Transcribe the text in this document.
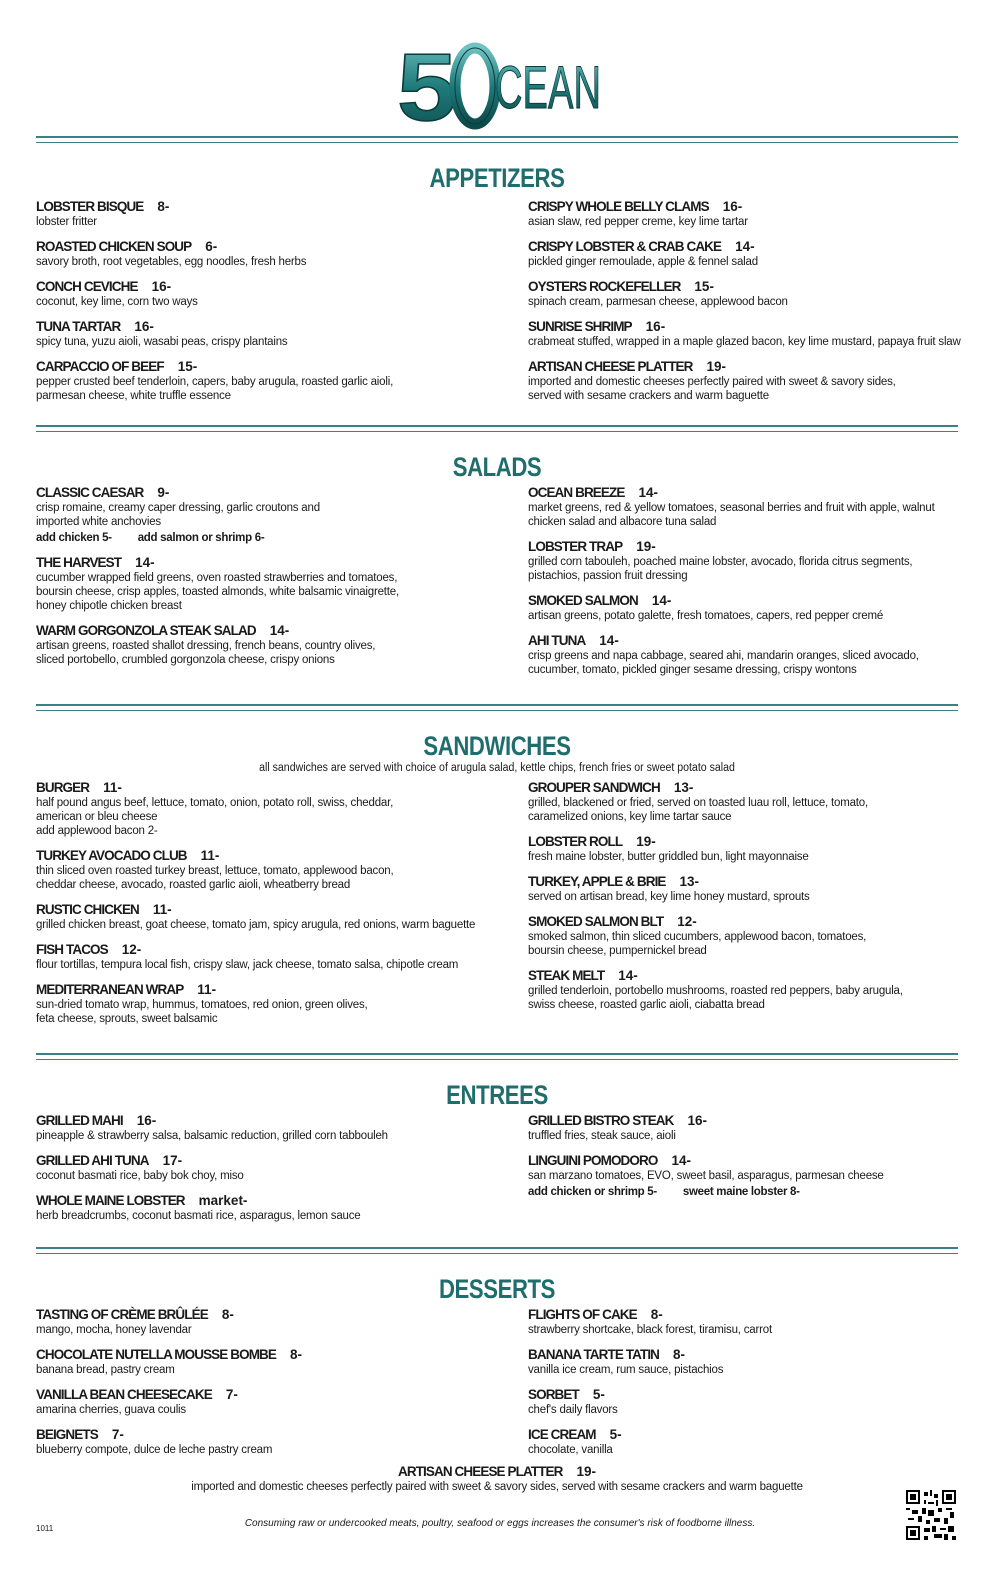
5 CEAN
APPETIZERS
LOBSTER BISQUE 8-
lobster fritter
ROASTED CHICKEN SOUP 6-
savory broth, root vegetables, egg noodles, fresh herbs
CONCH CEVICHE 16-
coconut, key lime, corn two ways
TUNA TARTAR 16-
spicy tuna, yuzu aioli, wasabi peas, crispy plantains
CARPACCIO OF BEEF 15-
pepper crusted beef tenderloin, capers, baby arugula, roasted garlic aioli,
parmesan cheese, white truffle essence
CRISPY WHOLE BELLY CLAMS 16-
asian slaw, red pepper creme, key lime tartar
CRISPY LOBSTER & CRAB CAKE 14-
pickled ginger remoulade, apple & fennel salad
OYSTERS ROCKEFELLER 15-
spinach cream, parmesan cheese, applewood bacon
SUNRISE SHRIMP 16-
crabmeat stuffed, wrapped in a maple glazed bacon, key lime mustard, papaya fruit slaw
ARTISAN CHEESE PLATTER 19-
imported and domestic cheeses perfectly paired with sweet & savory sides,
served with sesame crackers and warm baguette
SALADS
CLASSIC CAESAR 9-
crisp romaine, creamy caper dressing, garlic croutons and
imported white anchovies
add chicken 5- add salmon or shrimp 6-
THE HARVEST 14-
cucumber wrapped field greens, oven roasted strawberries and tomatoes,
boursin cheese, crisp apples, toasted almonds, white balsamic vinaigrette,
honey chipotle chicken breast
WARM GORGONZOLA STEAK SALAD 14-
artisan greens, roasted shallot dressing, french beans, country olives,
sliced portobello, crumbled gorgonzola cheese, crispy onions
OCEAN BREEZE 14-
market greens, red & yellow tomatoes, seasonal berries and fruit with apple, walnut
chicken salad and albacore tuna salad
LOBSTER TRAP 19-
grilled corn tabouleh, poached maine lobster, avocado, florida citrus segments,
pistachios, passion fruit dressing
SMOKED SALMON 14-
artisan greens, potato galette, fresh tomatoes, capers, red pepper cremé
AHI TUNA 14-
crisp greens and napa cabbage, seared ahi, mandarin oranges, sliced avocado,
cucumber, tomato, pickled ginger sesame dressing, crispy wontons
SANDWICHES
all sandwiches are served with choice of arugula salad, kettle chips, french fries or sweet potato salad
BURGER 11-
half pound angus beef, lettuce, tomato, onion, potato roll, swiss, cheddar,
american or bleu cheese
add applewood bacon 2-
TURKEY AVOCADO CLUB 11-
thin sliced oven roasted turkey breast, lettuce, tomato, applewood bacon,
cheddar cheese, avocado, roasted garlic aioli, wheatberry bread
RUSTIC CHICKEN 11-
grilled chicken breast, goat cheese, tomato jam, spicy arugula, red onions, warm baguette
FISH TACOS 12-
flour tortillas, tempura local fish, crispy slaw, jack cheese, tomato salsa, chipotle cream
MEDITERRANEAN WRAP 11-
sun-dried tomato wrap, hummus, tomatoes, red onion, green olives,
feta cheese, sprouts, sweet balsamic
GROUPER SANDWICH 13-
grilled, blackened or fried, served on toasted luau roll, lettuce, tomato,
caramelized onions, key lime tartar sauce
LOBSTER ROLL 19-
fresh maine lobster, butter griddled bun, light mayonnaise
TURKEY, APPLE & BRIE 13-
served on artisan bread, key lime honey mustard, sprouts
SMOKED SALMON BLT 12-
smoked salmon, thin sliced cucumbers, applewood bacon, tomatoes,
boursin cheese, pumpernickel bread
STEAK MELT 14-
grilled tenderloin, portobello mushrooms, roasted red peppers, baby arugula,
swiss cheese, roasted garlic aioli, ciabatta bread
ENTREES
GRILLED MAHI 16-
pineapple & strawberry salsa, balsamic reduction, grilled corn tabbouleh
GRILLED AHI TUNA 17-
coconut basmati rice, baby bok choy, miso
WHOLE MAINE LOBSTER market-
herb breadcrumbs, coconut basmati rice, asparagus, lemon sauce
GRILLED BISTRO STEAK 16-
truffled fries, steak sauce, aioli
LINGUINI POMODORO 14-
san marzano tomatoes, EVO, sweet basil, asparagus, parmesan cheese
add chicken or shrimp 5- sweet maine lobster 8-
DESSERTS
TASTING OF CRÈME BRÛLÉE 8-
mango, mocha, honey lavendar
CHOCOLATE NUTELLA MOUSSE BOMBE 8-
banana bread, pastry cream
VANILLA BEAN CHEESECAKE 7-
amarina cherries, guava coulis
BEIGNETS 7-
blueberry compote, dulce de leche pastry cream
FLIGHTS OF CAKE 8-
strawberry shortcake, black forest, tiramisu, carrot
BANANA TARTE TATIN 8-
vanilla ice cream, rum sauce, pistachios
SORBET 5-
chef's daily flavors
ICE CREAM 5-
chocolate, vanilla
ARTISAN CHEESE PLATTER 19-
imported and domestic cheeses perfectly paired with sweet & savory sides, served with sesame crackers and warm baguette
Consuming raw or undercooked meats, poultry, seafood or eggs increases the consumer's risk of foodborne illness.
1011
